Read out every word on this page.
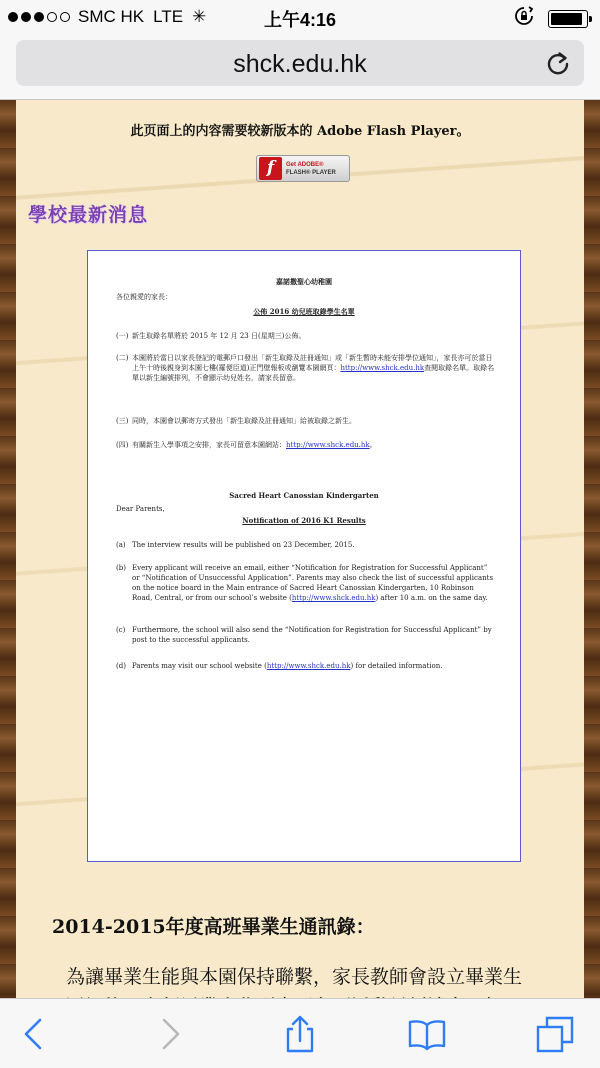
SMC HK LTE ✳	上午4:16
shck.edu.hk

此页面上的内容需要较新版本的 Adobe Flash Player。

f	Get ADOBE®
FLASH® PLAYER
學校最新消息

嘉諾撒聖心幼稚園

各位親愛的家長：

公佈 2016 幼兒班取錄學生名單

(一) 新生取錄名單將於 2015 年 12 月 23 日(星期三)公佈。

(二) 本園將於當日以家長登記的電郵戶口發出「新生取錄及註冊通知」或「新生暫時未能安排學位通知」，家長亦可於當日上午十時後親身到本園七樓(羅便臣道)正門壁報板或瀏覽本園網頁：http://www.shck.edu.hk查閱取錄名單。取錄名單以新生編號排列，不會顯示幼兒姓名，請家長留意。

(三) 同時，本園會以郵寄方式發出「新生取錄及註冊通知」給被取錄之新生。

(四) 有關新生入學事項之安排，家長可留意本園網站：http://www.shck.edu.hk。

Sacred Heart Canossian Kindergarten

Dear Parents,

Notification of 2016 K1 Results

(a) The interview results will be published on 23 December, 2015.

(b) Every applicant will receive an email, either “Notification for Registration for Successful Applicant” or “Notification of Unsuccessful Application”. Parents may also check the list of successful applicants on the notice board in the Main entrance of Sacred Heart Canossian Kindergarten, 10 Robinson Road, Central, or from our school’s website (http://www.shck.edu.hk) after 10 a.m. on the same day.

(c) Furthermore, the school will also send the “Notification for Registration for Successful Applicant” by post to the successful applicants.

(d) Parents may visit our school website (http://www.shck.edu.hk) for detailed information.

2014-2015年度高班畢業生通訊錄：
為讓畢業生能與本園保持聯繫，家長教師會設立畢業生
